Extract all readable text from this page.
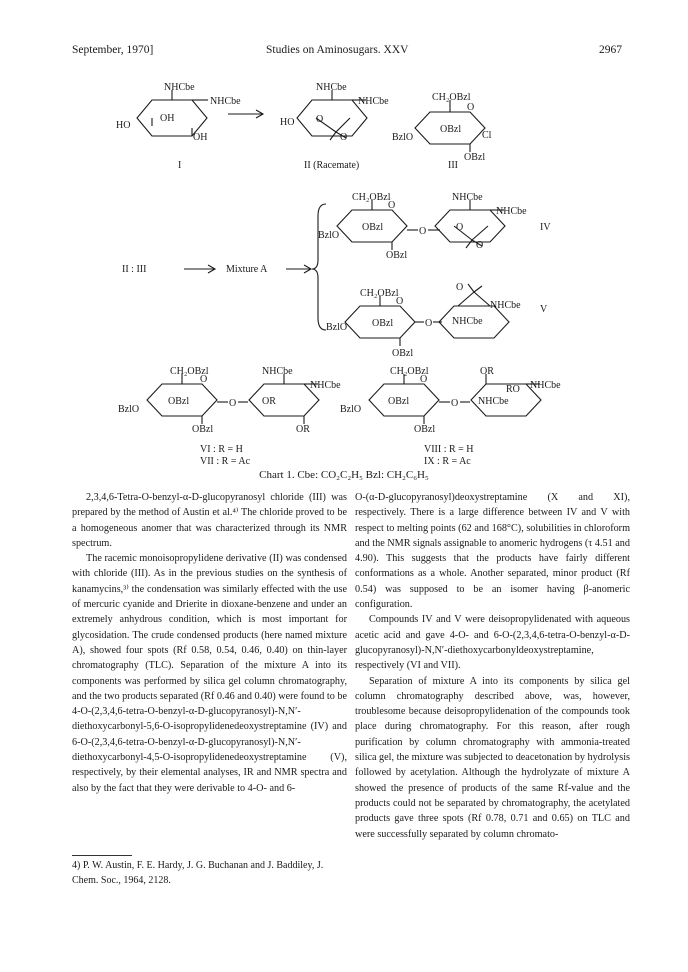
September, 1970]	Studies on Aminosugars. XXV	2967
NHCbe
NHCbe
HO
OH
OH
I
NHCbe
NHCbe
HO O
O
II (Racemate)
CH₂OBzl
O
BzlO
OBzl
Cl
OBzl
III
II : III	Mixture A
CH₂OBzl
O
BzlO
OBzl
OBzl
O
NHCbe
NHCbe
O
O
IV
CH₂OBzl
O
BzlO OBzl
OBzl
O
O
NHCbe
NHCbe
V
CH₂OBzl
O
BzlO
OBzl
OBzl
O
NHCbe
NHCbe
OR
OR
VI : R = H
VII : R = Ac
CH₂OBzl
O
BzlO
OBzl
OBzl
O
OR
RO NHCbe
NHCbe
VIII : R = H
IX : R = Ac
Chart 1. Cbe: CO₂C₂H₅ Bzl: CH₂C₆H₅

2,3,4,6-Tetra-O-benzyl-α-D-glucopyranosyl chloride (III) was prepared by the method of Austin et al.⁴⁾ The chloride proved to be a homogeneous anomer that was characterized through its NMR spectrum.

The racemic monoisopropylidene derivative (II) was condensed with chloride (III). As in the previous studies on the synthesis of kanamycins,³⁾ the condensation was similarly effected with the use of mercuric cyanide and Drierite in dioxane-benzene and under an extremely anhydrous condition, which is most important for glycosidation. The crude condensed products (here named mixture A), showed four spots (Rf 0.58, 0.54, 0.46, 0.40) on thin-layer chromatography (TLC). Separation of the mixture A into its components was performed by silica gel column chromatography, and the two products separated (Rf 0.46 and 0.40) were found to be 4-O-(2,3,4,6-tetra-O-benzyl-α-D-glucopyranosyl)-N,N′-diethoxycarbonyl-5,6-O-isopropylidenedeoxystreptamine (IV) and 6-O-(2,3,4,6-tetra-O-benzyl-α-D-glucopyranosyl)-N,N′-diethoxycarbonyl-4,5-O-isopropylidenedeoxystreptamine (V), respectively, by their elemental analyses, IR and NMR spectra and also by the fact that they were derivable to 4-O- and 6-

O-(α-D-glucopyranosyl)deoxystreptamine (X and XI), respectively. There is a large difference between IV and V with respect to melting points (62 and 168°C), solubilities in chloroform and the NMR signals assignable to anomeric hydrogens (τ 4.51 and 4.90). This suggests that the products have fairly different conformations as a whole. Another separated, minor product (Rf 0.54) was supposed to be an isomer having β-anomeric configuration.

Compounds IV and V were deisopropylidenated with aqueous acetic acid and gave 4-O- and 6-O-(2,3,4,6-tetra-O-benzyl-α-D-glucopyranosyl)-N,N′-diethoxycarbonyldeoxystreptamine, respectively (VI and VII).

Separation of mixture A into its components by silica gel column chromatography described above, was, however, troublesome because deisopropylidenation of the compounds took place during chromatography. For this reason, after rough purification by column chromatography with ammonia-treated silica gel, the mixture was subjected to deacetonation by hydrolysis followed by acetylation. Although the hydrolyzate of mixture A showed the presence of products of the same Rf-value and the products could not be separated by chromatography, the acetylated products gave three spots (Rf 0.78, 0.71 and 0.65) on TLC and were successfully separated by column chromato-

4) P. W. Austin, F. E. Hardy, J. G. Buchanan and J. Baddiley, J. Chem. Soc., 1964, 2128.
